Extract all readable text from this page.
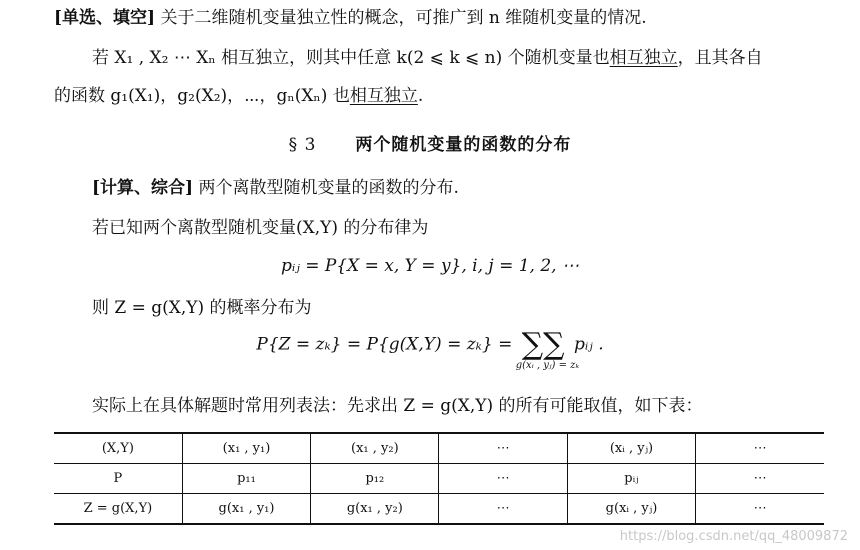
[单选、填空] 关于二维随机变量独立性的概念，可推广到 n 维随机变量的情况.
若 X₁ , X₂ ⋯ Xₙ 相互独立，则其中任意 k(2 ⩽ k ⩽ n) 个随机变量也相互独立，且其各自
的函数 g₁(X₁)，g₂(X₂)，⋯，gₙ(Xₙ) 也相互独立.
§ 3 两个随机变量的函数的分布
[计算、综合] 两个离散型随机变量的函数的分布.
若已知两个离散型随机变量(X,Y) 的分布律为
pᵢⱼ = P{X = x, Y = y}, i, j = 1, 2, ⋯
则 Z = g(X,Y) 的概率分布为
P{Z = zₖ} = P{g(X,Y) = zₖ} = ∑∑
g(xᵢ , yⱼ) = zₖ
pᵢⱼ .
实际上在具体解题时常用列表法：先求出 Z = g(X,Y) 的所有可能取值，如下表：
(X,Y)	(x₁ , y₁)	(x₁ , y₂)	⋯	(xᵢ , yⱼ)	⋯
P	p₁₁	p₁₂	⋯	pᵢⱼ	⋯
Z = g(X,Y)	g(x₁ , y₁)	g(x₁ , y₂)	⋯	g(xᵢ , yⱼ)	⋯
https://blog.csdn.net/qq_48009872
